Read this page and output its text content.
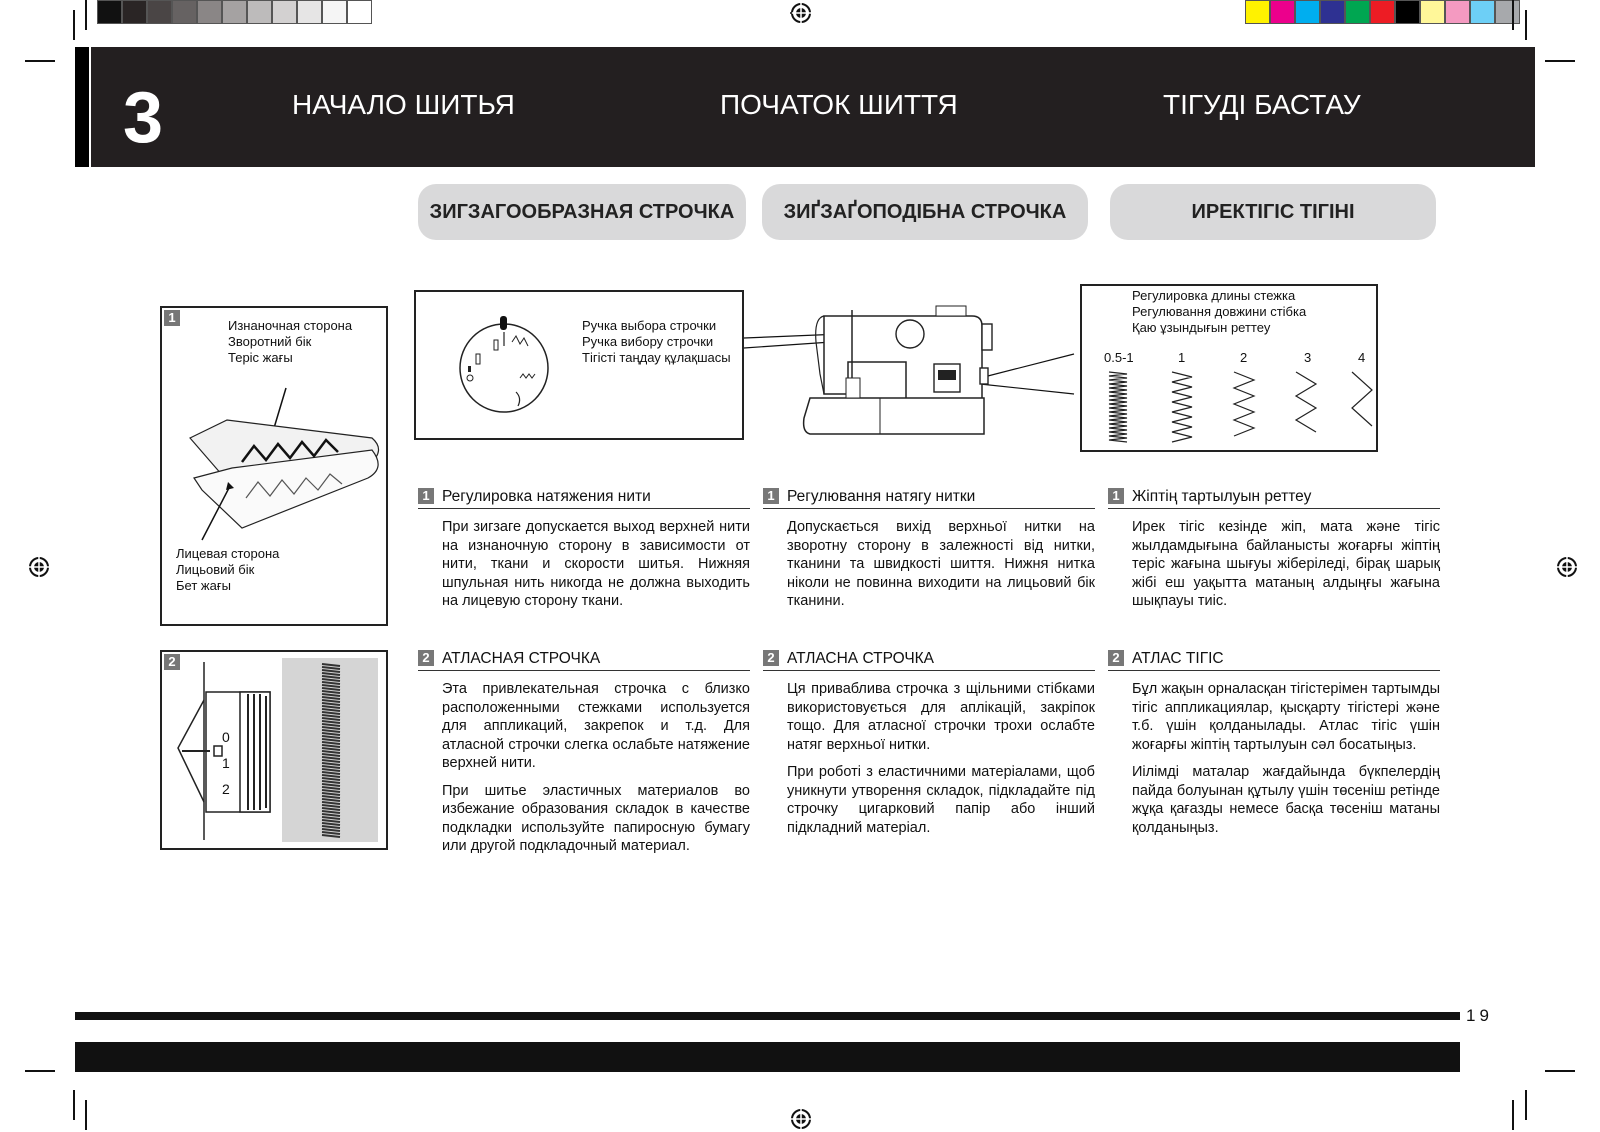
3	НАЧАЛО ШИТЬЯ	ПОЧАТОК ШИТТЯ	ТІГУДІ БАСТАУ
ЗИГЗАГООБРАЗНАЯ СТРОЧКА	ЗИҐЗАҐОПОДІБНА СТРОЧКА	ИРЕКТІГІС ТІГІНІ
1
Изнаночная сторона
Зворотний бік
Теріс жағы
Лицевая сторона
Лицьовий бік
Бет жағы
2
0
1
2
Ручка выбора строчки
Ручка вибору строчки
Тігісті таңдау құлақшасы
Регулировка длины стежка
Регулювання довжини стібка
Қаю ұзындығын реттеу
0.5-1	1	2	3	4
1 Регулировка натяжения нити

При зигзаге допускается выход верхней нити на изнаночную сторону в зависимости от нити, ткани и скорости шитья. Нижняя шпульная нить никогда не должна выходить на лицевую сторону ткани.

2 АТЛАСНАЯ СТРОЧКА

Эта привлекательная строчка с близко расположенными стежками используется для аппликаций, закрепок и т.д. Для атласной строчки слегка ослабьте натяжение верхней нити.

При шитье эластичных материалов во избежание образования складок в качестве подкладки используйте папиросную бумагу или другой подкладочный материал.

1 Регулювання натягу нитки

Допускається вихід верхньої нитки на зворотну сторону в залежності від нитки, тканини та швидкості шиття. Нижня нитка ніколи не повинна виходити на лицьовий бік тканини.

2 АТЛАСНА СТРОЧКА

Ця приваблива строчка з щільними стібками використовується для аплікацій, закріпок тощо. Для атласної строчки трохи ослабте натяг верхньої нитки.

При роботі з еластичними матеріалами, щоб уникнути утворення складок, підкладайте під строчку цигарковий папір або інший підкладний матеріал.

1 Жіптің тартылуын реттеу

Ирек тігіс кезінде жіп, мата және тігіс жылдамдығына байланысты жоғарғы жіптің теріс жағына шығуы жіберіледі, бірақ шарық жібі еш уақытта матаның алдыңғы жағына шықпауы тиіс.

2 АТЛАС ТІГІС

Бұл жақын орналасқан тігістерімен тартымды тігіс аппликациялар, қысқарту тігістері және т.б. үшін қолданылады. Атлас тігіс үшін жоғарғы жіптің тартылуын сәл босатыңыз.

Иілімді маталар жағдайында бүкпелердің пайда болуынан құтылу үшін төсеніш ретінде жұқа қағазды немесе басқа төсеніш матаны қолданыңыз.

19
